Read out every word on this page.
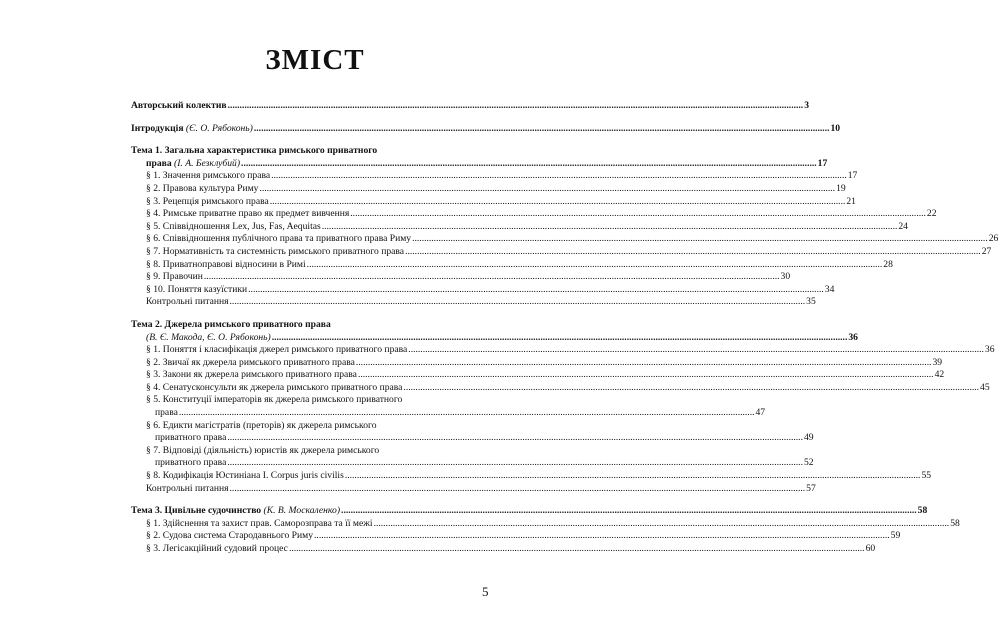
ЗМІСТ
Авторський колектив .....	3
Інтродукція (Є. О. Рябоконь) .....	10
Тема 1. Загальна характеристика римського приватного
права (І. А. Безклубий) .....	17
§ 1. Значення римського права .....	17
§ 2. Правова культура Риму .....	19
§ 3. Рецепція римського права .....	21
§ 4. Римське приватне право як предмет вивчення .....	22
§ 5. Співвідношення Lex, Jus, Fas, Aequitas .....	24
§ 6. Співвідношення публічного права та приватного права Риму .....	26
§ 7. Нормативність та системність римського приватного права .....	27
§ 8. Приватноправові відносини в Римі .....	28
§ 9. Правочин .....	30
§ 10. Поняття казуїстики .....	34
Контрольні питання .....	35
Тема 2. Джерела римського приватного права
(В. Є. Макода, Є. О. Рябоконь) .....	36
§ 1. Поняття і класифікація джерел римського приватного права .....	36
§ 2. Звичаї як джерела римського приватного права .....	39
§ 3. Закони як джерела римського приватного права .....	42
§ 4. Сенатусконсульти як джерела римського приватного права .....	45
§ 5. Конституції імператорів як джерела римського приватного
права .....	47
§ 6. Едикти магістратів (преторів) як джерела римського
приватного права .....	49
§ 7. Відповіді (діяльність) юристів як джерела римського
приватного права .....	52
§ 8. Кодифікація Юстиніана I. Corpus juris civilis .....	55
Контрольні питання .....	57
Тема 3. Цивільне судочинство (К. В. Москаленко) .....	58
§ 1. Здійснення та захист прав. Саморозправа та її межі .....	58
§ 2. Судова система Стародавнього Риму .....	59
§ 3. Легісакційний судовий процес .....	60
5
